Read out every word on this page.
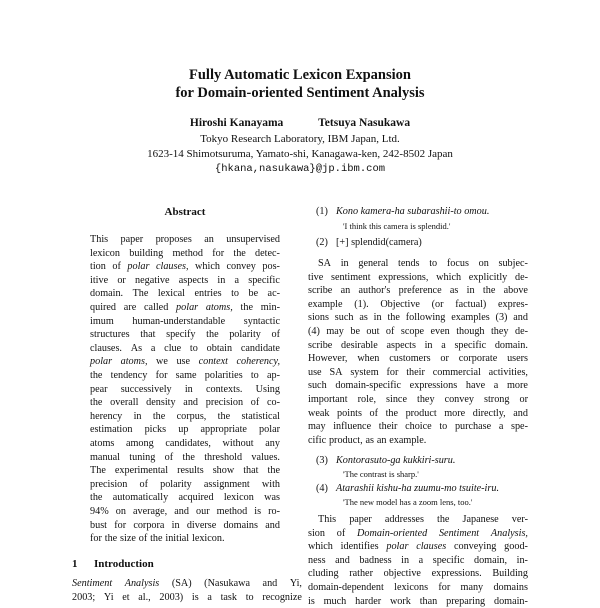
Fully Automatic Lexicon Expansion
for Domain-oriented Sentiment Analysis
Hiroshi Kanayama	Tetsuya Nasukawa
Tokyo Research Laboratory, IBM Japan, Ltd.
1623-14 Shimotsuruma, Yamato-shi, Kanagawa-ken, 242-8502 Japan
{hkana,nasukawa}@jp.ibm.com
Abstract
This paper proposes an unsupervised
lexicon building method for the detec-
tion of polar clauses, which convey pos-
itive or negative aspects in a specific
domain. The lexical entries to be ac-
quired are called polar atoms, the min-
imum human-understandable syntactic
structures that specify the polarity of
clauses. As a clue to obtain candidate
polar atoms, we use context coherency,
the tendency for same polarities to ap-
pear successively in contexts. Using
the overall density and precision of co-
herency in the corpus, the statistical
estimation picks up appropriate polar
atoms among candidates, without any
manual tuning of the threshold values.
The experimental results show that the
precision of polarity assignment with
the automatically acquired lexicon was
94% on average, and our method is ro-
bust for corpora in diverse domains and
for the size of the initial lexicon.
1 Introduction
Sentiment Analysis (SA) (Nasukawa and Yi,
2003; Yi et al., 2003) is a task to recognize
(1) Kono kamera-ha subarashii-to omou.
'I think this camera is splendid.'
(2) [+] splendid(camera)
SA in general tends to focus on subjec-
tive sentiment expressions, which explicitly de-
scribe an author's preference as in the above
example (1). Objective (or factual) expres-
sions such as in the following examples (3) and
(4) may be out of scope even though they de-
scribe desirable aspects in a specific domain.
However, when customers or corporate users
use SA system for their commercial activities,
such domain-specific expressions have a more
important role, since they convey strong or
weak points of the product more directly, and
may influence their choice to purchase a spe-
cific product, as an example.
(3) Kontorasuto-ga kukkiri-suru.
'The contrast is sharp.'
(4) Atarashii kishu-ha zuumu-mo tsuite-iru.
'The new model has a zoom lens, too.'
This paper addresses the Japanese ver-
sion of Domain-oriented Sentiment Analysis,
which identifies polar clauses conveying good-
ness and badness in a specific domain, in-
cluding rather objective expressions. Building
domain-dependent lexicons for many domains
is much harder work than preparing domain-
